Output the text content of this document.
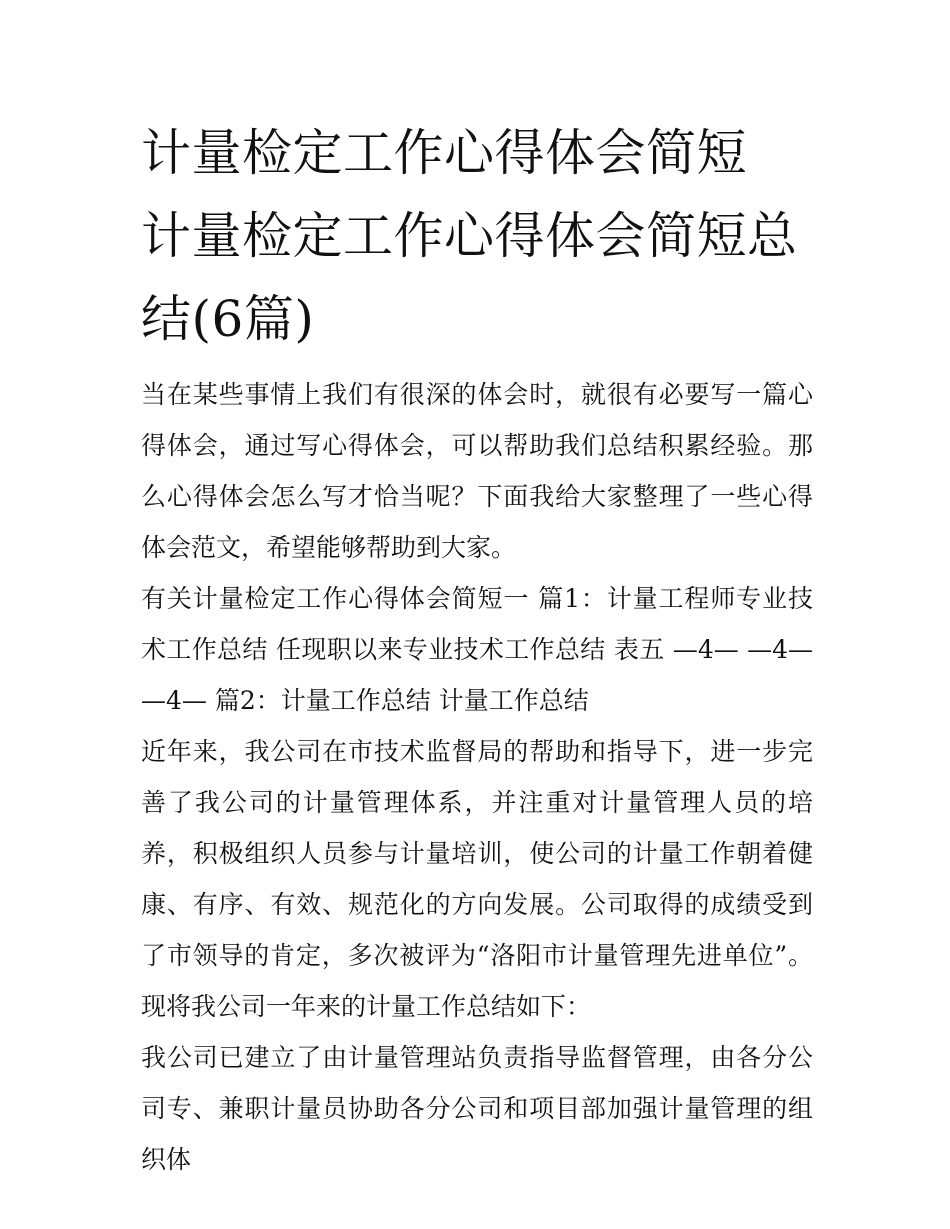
计量检定工作心得体会简短 计量检定工作心得体会简短总结(6篇)

当在某些事情上我们有很深的体会时，就很有必要写一篇心得体会，通过写心得体会，可以帮助我们总结积累经验。那么心得体会怎么写才恰当呢？下面我给大家整理了一些心得体会范文，希望能够帮助到大家。

有关计量检定工作心得体会简短一 篇1：计量工程师专业技术工作总结 任现职以来专业技术工作总结 表五 —4— —4— —4— 篇2：计量工作总结 计量工作总结

近年来，我公司在市技术监督局的帮助和指导下，进一步完善了我公司的计量管理体系，并注重对计量管理人员的培养，积极组织人员参与计量培训，使公司的计量工作朝着健康、有序、有效、规范化的方向发展。公司取得的成绩受到了市领导的肯定，多次被评为“洛阳市计量管理先进单位”。现将我公司一年来的计量工作总结如下：

我公司已建立了由计量管理站负责指导监督管理，由各分公司专、兼职计量员协助各分公司和项目部加强计量管理的组织体
